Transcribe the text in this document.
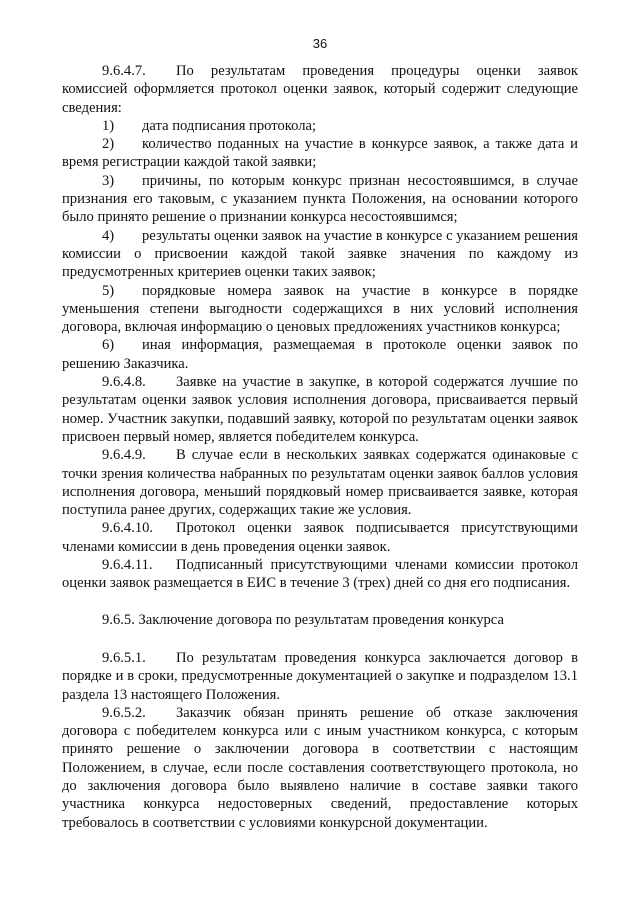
36

9.6.4.7. По результатам проведения процедуры оценки заявок комиссией оформляется протокол оценки заявок, который содержит следующие сведения:

1) дата подписания протокола;

2) количество поданных на участие в конкурсе заявок, а также дата и время регистрации каждой такой заявки;

3) причины, по которым конкурс признан несостоявшимся, в случае признания его таковым, с указанием пункта Положения, на основании которого было принято решение о признании конкурса несостоявшимся;

4) результаты оценки заявок на участие в конкурсе с указанием решения комиссии о присвоении каждой такой заявке значения по каждому из предусмотренных критериев оценки таких заявок;

5) порядковые номера заявок на участие в конкурсе в порядке уменьшения степени выгодности содержащихся в них условий исполнения договора, включая информацию о ценовых предложениях участников конкурса;

6) иная информация, размещаемая в протоколе оценки заявок по решению Заказчика.

9.6.4.8. Заявке на участие в закупке, в которой содержатся лучшие по результатам оценки заявок условия исполнения договора, присваивается первый номер. Участник закупки, подавший заявку, которой по результатам оценки заявок присвоен первый номер, является победителем конкурса.

9.6.4.9. В случае если в нескольких заявках содержатся одинаковые с точки зрения количества набранных по результатам оценки заявок баллов условия исполнения договора, меньший порядковый номер присваивается заявке, которая поступила ранее других, содержащих такие же условия.

9.6.4.10. Протокол оценки заявок подписывается присутствующими членами комиссии в день проведения оценки заявок.

9.6.4.11. Подписанный присутствующими членами комиссии протокол оценки заявок размещается в ЕИС в течение 3 (трех) дней со дня его подписания.

9.6.5. Заключение договора по результатам проведения конкурса

9.6.5.1. По результатам проведения конкурса заключается договор в порядке и в сроки, предусмотренные документацией о закупке и подразделом 13.1 раздела 13 настоящего Положения.

9.6.5.2. Заказчик обязан принять решение об отказе заключения договора с победителем конкурса или с иным участником конкурса, с которым принято решение о заключении договора в соответствии с настоящим Положением, в случае, если после составления соответствующего протокола, но до заключения договора было выявлено наличие в составе заявки такого участника конкурса недостоверных сведений, предоставление которых требовалось в соответствии с условиями конкурсной документации.
